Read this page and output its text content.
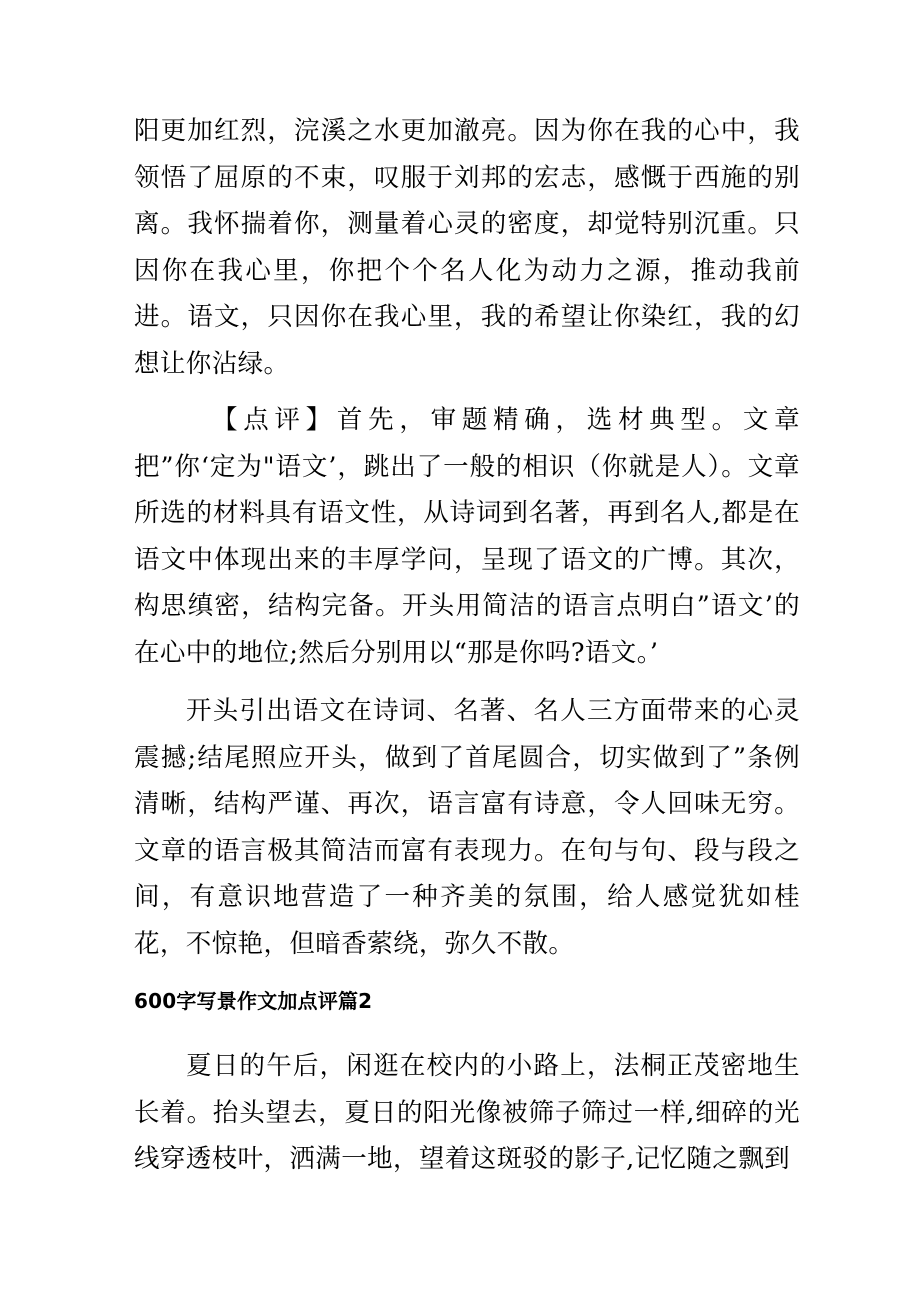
阳更加红烈，浣溪之水更加澈亮。因为你在我的心中，我领悟了屈原的不束，叹服于刘邦的宏志，感慨于西施的别离。我怀揣着你，测量着心灵的密度，却觉特别沉重。只因你在我心里，你把个个名人化为动力之源，推动我前进。语文，只因你在我心里，我的希望让你染红，我的幻想让你沾绿。

【点评】首先，审题精确，选材典型。文章把”你‘定为"语文’，跳出了一般的相识（你就是人）。文章所选的材料具有语文性，从诗词到名著，再到名人,都是在语文中体现出来的丰厚学问，呈现了语文的广博。其次，构思缜密，结构完备。开头用简洁的语言点明白”语文’的在心中的地位;然后分别用以“那是你吗?语文。’

开头引出语文在诗词、名著、名人三方面带来的心灵震撼;结尾照应开头，做到了首尾圆合，切实做到了”条例清晰，结构严谨、再次，语言富有诗意，令人回味无穷。文章的语言极其简洁而富有表现力。在句与句、段与段之间，有意识地营造了一种齐美的氛围，给人感觉犹如桂花，不惊艳，但暗香萦绕，弥久不散。

600字写景作文加点评篇2

夏日的午后，闲逛在校内的小路上，法桐正茂密地生长着。抬头望去，夏日的阳光像被筛子筛过一样,细碎的光线穿透枝叶，洒满一地，望着这斑驳的影子,记忆随之飘到
